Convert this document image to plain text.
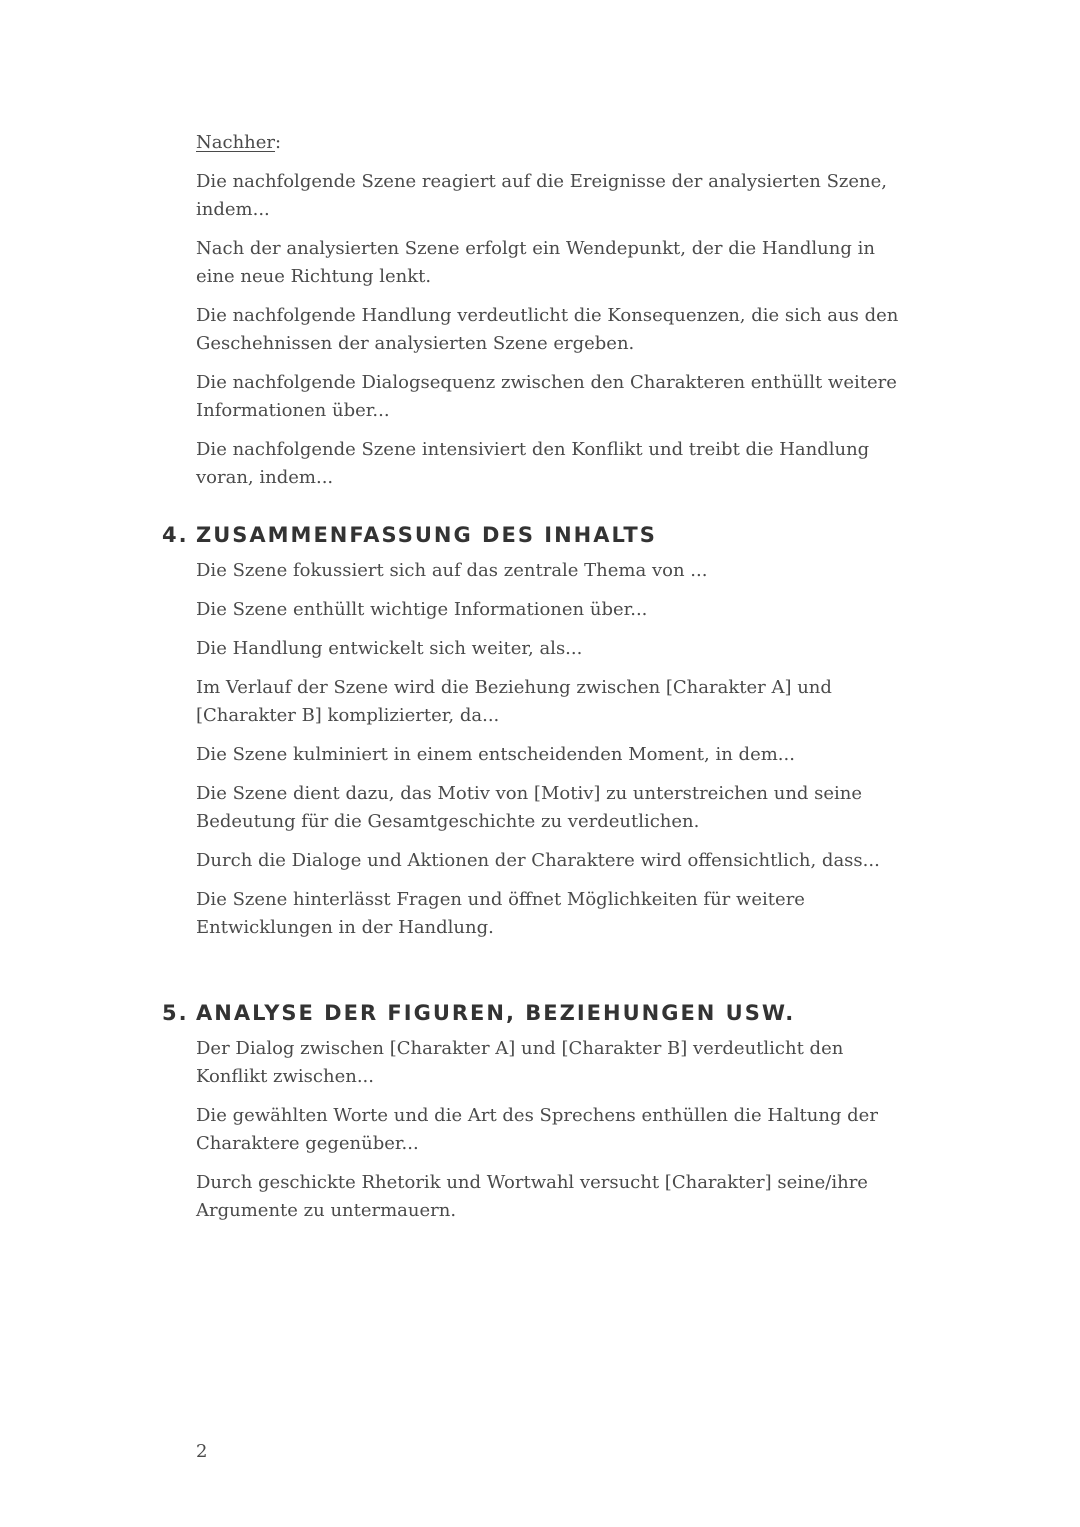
Nachher:

Die nachfolgende Szene reagiert auf die Ereignisse der analysierten Szene, indem...

Nach der analysierten Szene erfolgt ein Wendepunkt, der die Handlung in eine neue Richtung lenkt.

Die nachfolgende Handlung verdeutlicht die Konsequenzen, die sich aus den Geschehnissen der analysierten Szene ergeben.

Die nachfolgende Dialogsequenz zwischen den Charakteren enthüllt weitere Informationen über...

Die nachfolgende Szene intensiviert den Konflikt und treibt die Handlung voran, indem...

4. ZUSAMMENFASSUNG DES INHALTS

Die Szene fokussiert sich auf das zentrale Thema von ...

Die Szene enthüllt wichtige Informationen über...

Die Handlung entwickelt sich weiter, als...

Im Verlauf der Szene wird die Beziehung zwischen [Charakter A] und [Charakter B] komplizierter, da...

Die Szene kulminiert in einem entscheidenden Moment, in dem...

Die Szene dient dazu, das Motiv von [Motiv] zu unterstreichen und seine Bedeutung für die Gesamtgeschichte zu verdeutlichen.

Durch die Dialoge und Aktionen der Charaktere wird offensichtlich, dass...

Die Szene hinterlässt Fragen und öffnet Möglichkeiten für weitere Entwicklungen in der Handlung.

5. ANALYSE DER FIGUREN, BEZIEHUNGEN USW.

Der Dialog zwischen [Charakter A] und [Charakter B] verdeutlicht den Konflikt zwischen...

Die gewählten Worte und die Art des Sprechens enthüllen die Haltung der Charaktere gegenüber...

Durch geschickte Rhetorik und Wortwahl versucht [Charakter] seine/ihre Argumente zu untermauern.

2
